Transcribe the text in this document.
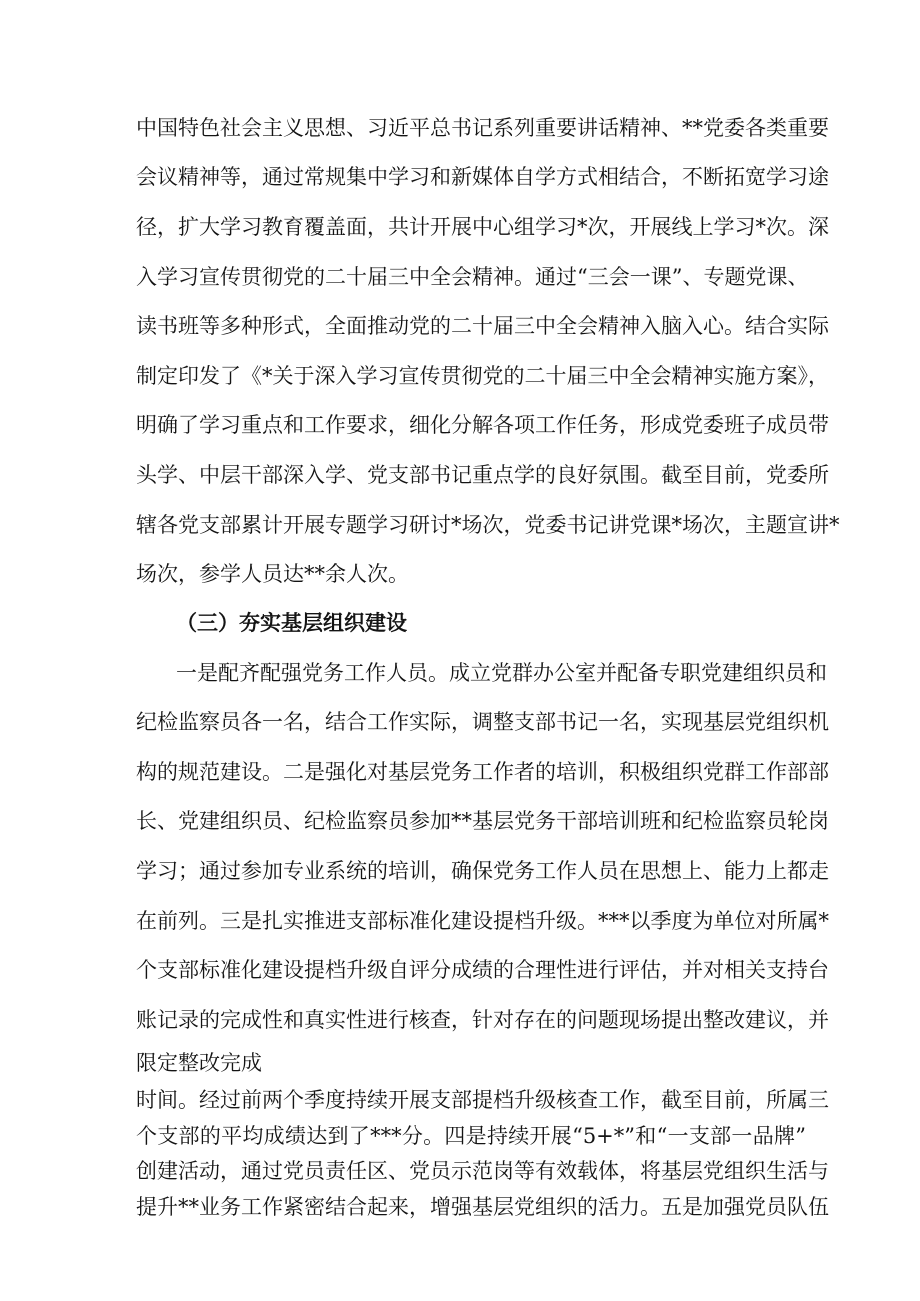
中国特色社会主义思想、习近平总书记系列重要讲话精神、**党委各类重要
会议精神等，通过常规集中学习和新媒体自学方式相结合，不断拓宽学习途
径，扩大学习教育覆盖面，共计开展中心组学习*次，开展线上学习*次。深
入学习宣传贯彻党的二十届三中全会精神。通过“三会一课”、专题党课、
读书班等多种形式，全面推动党的二十届三中全会精神入脑入心。结合实际
制定印发了《*关于深入学习宣传贯彻党的二十届三中全会精神实施方案》，
明确了学习重点和工作要求，细化分解各项工作任务，形成党委班子成员带
头学、中层干部深入学、党支部书记重点学的良好氛围。截至目前，党委所
辖各党支部累计开展专题学习研讨*场次，党委书记讲党课*场次，主题宣讲*
场次，参学人员达**余人次。
（三）夯实基层组织建设
一是配齐配强党务工作人员。成立党群办公室并配备专职党建组织员和
纪检监察员各一名，结合工作实际，调整支部书记一名，实现基层党组织机
构的规范建设。二是强化对基层党务工作者的培训，积极组织党群工作部部
长、党建组织员、纪检监察员参加**基层党务干部培训班和纪检监察员轮岗
学习；通过参加专业系统的培训，确保党务工作人员在思想上、能力上都走
在前列。三是扎实推进支部标准化建设提档升级。***以季度为单位对所属*
个支部标准化建设提档升级自评分成绩的合理性进行评估，并对相关支持台
账记录的完成性和真实性进行核查，针对存在的问题现场提出整改建议，并
限定整改完成
时间。经过前两个季度持续开展支部提档升级核查工作，截至目前，所属三
个支部的平均成绩达到了***分。四是持续开展“5+*”和“一支部一品牌”
创建活动，通过党员责任区、党员示范岗等有效载体，将基层党组织生活与
提升**业务工作紧密结合起来，增强基层党组织的活力。五是加强党员队伍
